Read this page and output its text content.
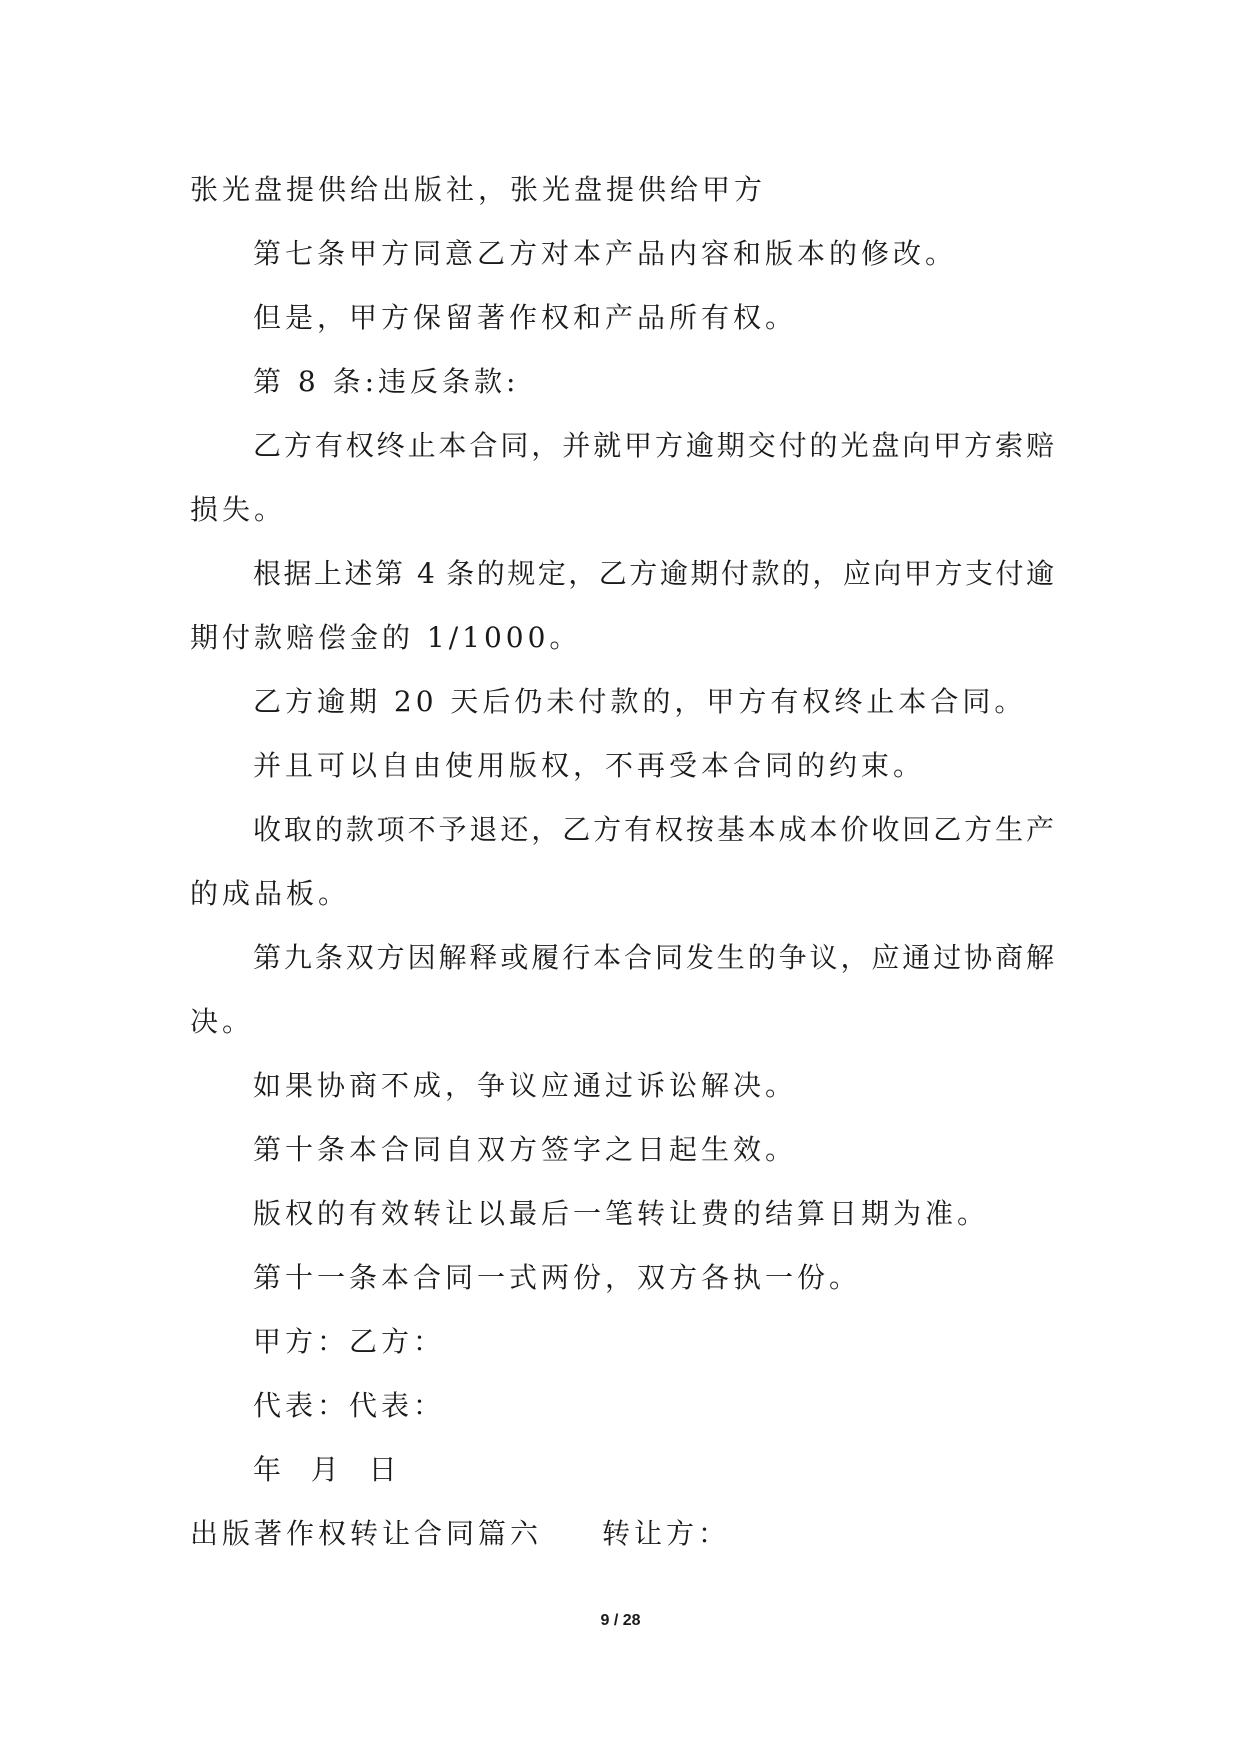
张光盘提供给出版社，张光盘提供给甲方
第七条甲方同意乙方对本产品内容和版本的修改。
但是，甲方保留著作权和产品所有权。
第 8 条:违反条款:
乙方有权终止本合同，并就甲方逾期交付的光盘向甲方索赔
损失。
根据上述第 4 条的规定，乙方逾期付款的，应向甲方支付逾
期付款赔偿金的 1/1000。
乙方逾期 20 天后仍未付款的，甲方有权终止本合同。
并且可以自由使用版权，不再受本合同的约束。
收取的款项不予退还，乙方有权按基本成本价收回乙方生产
的成品板。
第九条双方因解释或履行本合同发生的争议，应通过协商解
决。
如果协商不成，争议应通过诉讼解决。
第十条本合同自双方签字之日起生效。
版权的有效转让以最后一笔转让费的结算日期为准。
第十一条本合同一式两份，双方各执一份。
甲方：乙方：
代表：代表：
年  月  日
出版著作权转让合同篇六 转让方：
9 / 28
